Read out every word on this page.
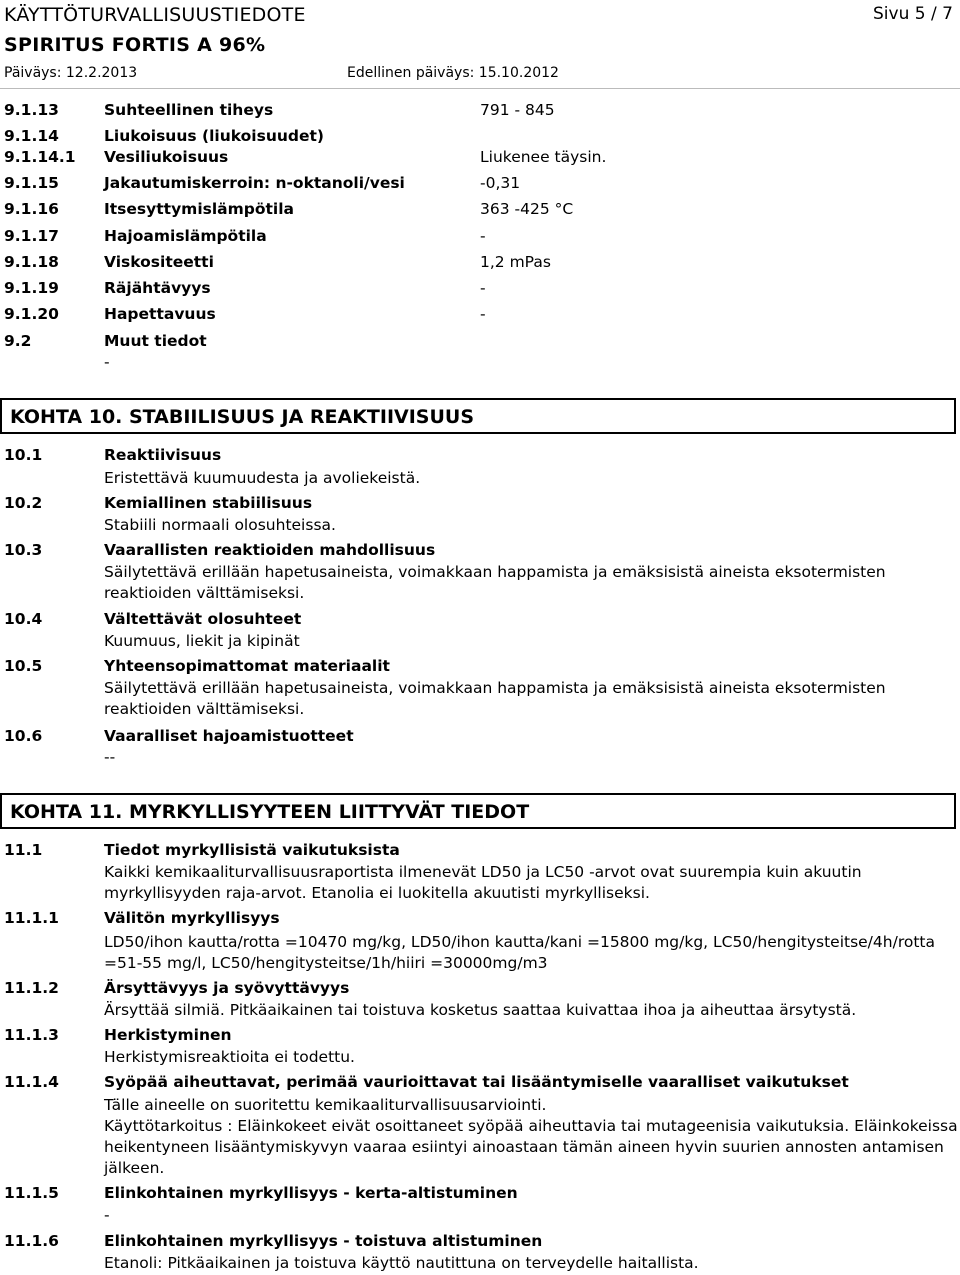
KÄYTTÖTURVALLISUUSTIEDOTE	Sivu 5 / 7
SPIRITUS FORTIS A 96%
Päiväys: 12.2.2013	Edellinen päiväys: 15.10.2012
9.1.13	Suhteellinen tiheys	791 - 845
9.1.14	Liukoisuus (liukoisuudet)
9.1.14.1 Vesiliukoisuus	Liukenee täysin.
9.1.15	Jakautumiskerroin: n-oktanoli/vesi	-0,31
9.1.16	Itsesyttymislämpötila	363 -425 °C
9.1.17	Hajoamislämpötila	-
9.1.18	Viskositeetti	1,2 mPas
9.1.19	Räjähtävyys	-
9.1.20	Hapettavuus	-
9.2	Muut tiedot
-
KOHTA 10. STABIILISUUS JA REAKTIIVISUUS
10.1	Reaktiivisuus
Eristettävä kuumuudesta ja avoliekeistä.
10.2	Kemiallinen stabiilisuus
Stabiili normaali olosuhteissa.
10.3	Vaarallisten reaktioiden mahdollisuus
Säilytettävä erillään hapetusaineista, voimakkaan happamista ja emäksisistä aineista eksotermisten reaktioiden välttämiseksi.
10.4	Vältettävät olosuhteet
Kuumuus, liekit ja kipinät
10.5	Yhteensopimattomat materiaalit
Säilytettävä erillään hapetusaineista, voimakkaan happamista ja emäksisistä aineista eksotermisten reaktioiden välttämiseksi.
10.6	Vaaralliset hajoamistuotteet
--
KOHTA 11. MYRKYLLISYYTEEN LIITTYVÄT TIEDOT
11.1	Tiedot myrkyllisistä vaikutuksista
Kaikki kemikaaliturvallisuusraportista ilmenevät LD50 ja LC50 -arvot ovat suurempia kuin akuutin myrkyllisyyden raja-arvot. Etanolia ei luokitella akuutisti myrkylliseksi.
11.1.1	Välitön myrkyllisyys
LD50/ihon kautta/rotta =10470 mg/kg, LD50/ihon kautta/kani =15800 mg/kg, LC50/hengitysteitse/4h/rotta =51-55 mg/l, LC50/hengitysteitse/1h/hiiri =30000mg/m3
11.1.2	Ärsyttävyys ja syövyttävyys
Ärsyttää silmiä. Pitkäaikainen tai toistuva kosketus saattaa kuivattaa ihoa ja aiheuttaa ärsytystä.
11.1.3	Herkistyminen
Herkistymisreaktioita ei todettu.
11.1.4	Syöpää aiheuttavat, perimää vaurioittavat tai lisääntymiselle vaaralliset vaikutukset
Tälle aineelle on suoritettu kemikaaliturvallisuusarviointi.
Käyttötarkoitus : Eläinkokeet eivät osoittaneet syöpää aiheuttavia tai mutageenisia vaikutuksia. Eläinkokeissa heikentyneen lisääntymiskyvyn vaaraa esiintyi ainoastaan tämän aineen hyvin suurien annosten antamisen jälkeen.
11.1.5	Elinkohtainen myrkyllisyys - kerta-altistuminen
-
11.1.6	Elinkohtainen myrkyllisyys - toistuva altistuminen
Etanoli: Pitkäaikainen ja toistuva käyttö nautittuna on terveydelle haitallista.
